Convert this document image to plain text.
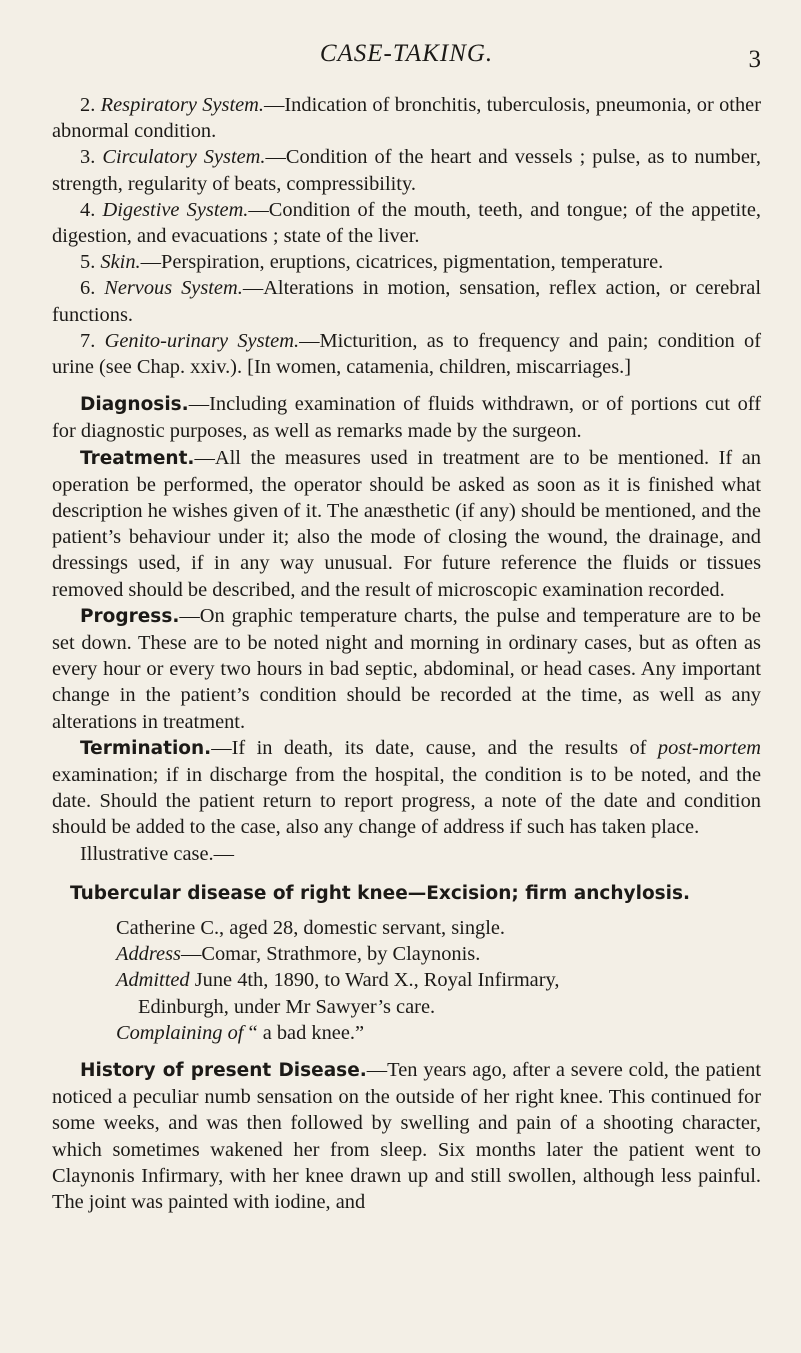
CASE-TAKING.	3

2. Respiratory System.—Indication of bronchitis, tuberculosis, pneumonia, or other abnormal condition.

3. Circulatory System.—Condition of the heart and vessels ; pulse, as to number, strength, regularity of beats, compressibility.

4. Digestive System.—Condition of the mouth, teeth, and tongue; of the appetite, digestion, and evacuations ; state of the liver.

5. Skin.—Perspiration, eruptions, cicatrices, pigmentation, temperature.

6. Nervous System.—Alterations in motion, sensation, reflex action, or cerebral functions.

7. Genito-urinary System.—Micturition, as to frequency and pain; condition of urine (see Chap. xxiv.). [In women, catamenia, children, miscarriages.]

Diagnosis.—Including examination of fluids withdrawn, or of portions cut off for diagnostic purposes, as well as remarks made by the surgeon.

Treatment.—All the measures used in treatment are to be mentioned. If an operation be performed, the operator should be asked as soon as it is finished what description he wishes given of it. The anæsthetic (if any) should be mentioned, and the patient’s behaviour under it; also the mode of closing the wound, the drainage, and dressings used, if in any way unusual. For future reference the fluids or tissues removed should be described, and the result of microscopic examination recorded.

Progress.—On graphic temperature charts, the pulse and temperature are to be set down. These are to be noted night and morning in ordinary cases, but as often as every hour or every two hours in bad septic, abdominal, or head cases. Any important change in the patient’s condition should be recorded at the time, as well as any alterations in treatment.

Termination.—If in death, its date, cause, and the results of post-mortem examination; if in discharge from the hospital, the condition is to be noted, and the date. Should the patient return to report progress, a note of the date and condition should be added to the case, also any change of address if such has taken place.

Illustrative case.—

Tubercular disease of right knee—Excision; firm anchylosis.

Catherine C., aged 28, domestic servant, single.

Address—Comar, Strathmore, by Claynonis.

Admitted June 4th, 1890, to Ward X., Royal Infirmary,

Edinburgh, under Mr Sawyer’s care.

Complaining of “ a bad knee.”

History of present Disease.—Ten years ago, after a severe cold, the patient noticed a peculiar numb sensation on the outside of her right knee. This continued for some weeks, and was then followed by swelling and pain of a shooting character, which sometimes wakened her from sleep. Six months later the patient went to Claynonis Infirmary, with her knee drawn up and still swollen, although less painful. The joint was painted with iodine, and
